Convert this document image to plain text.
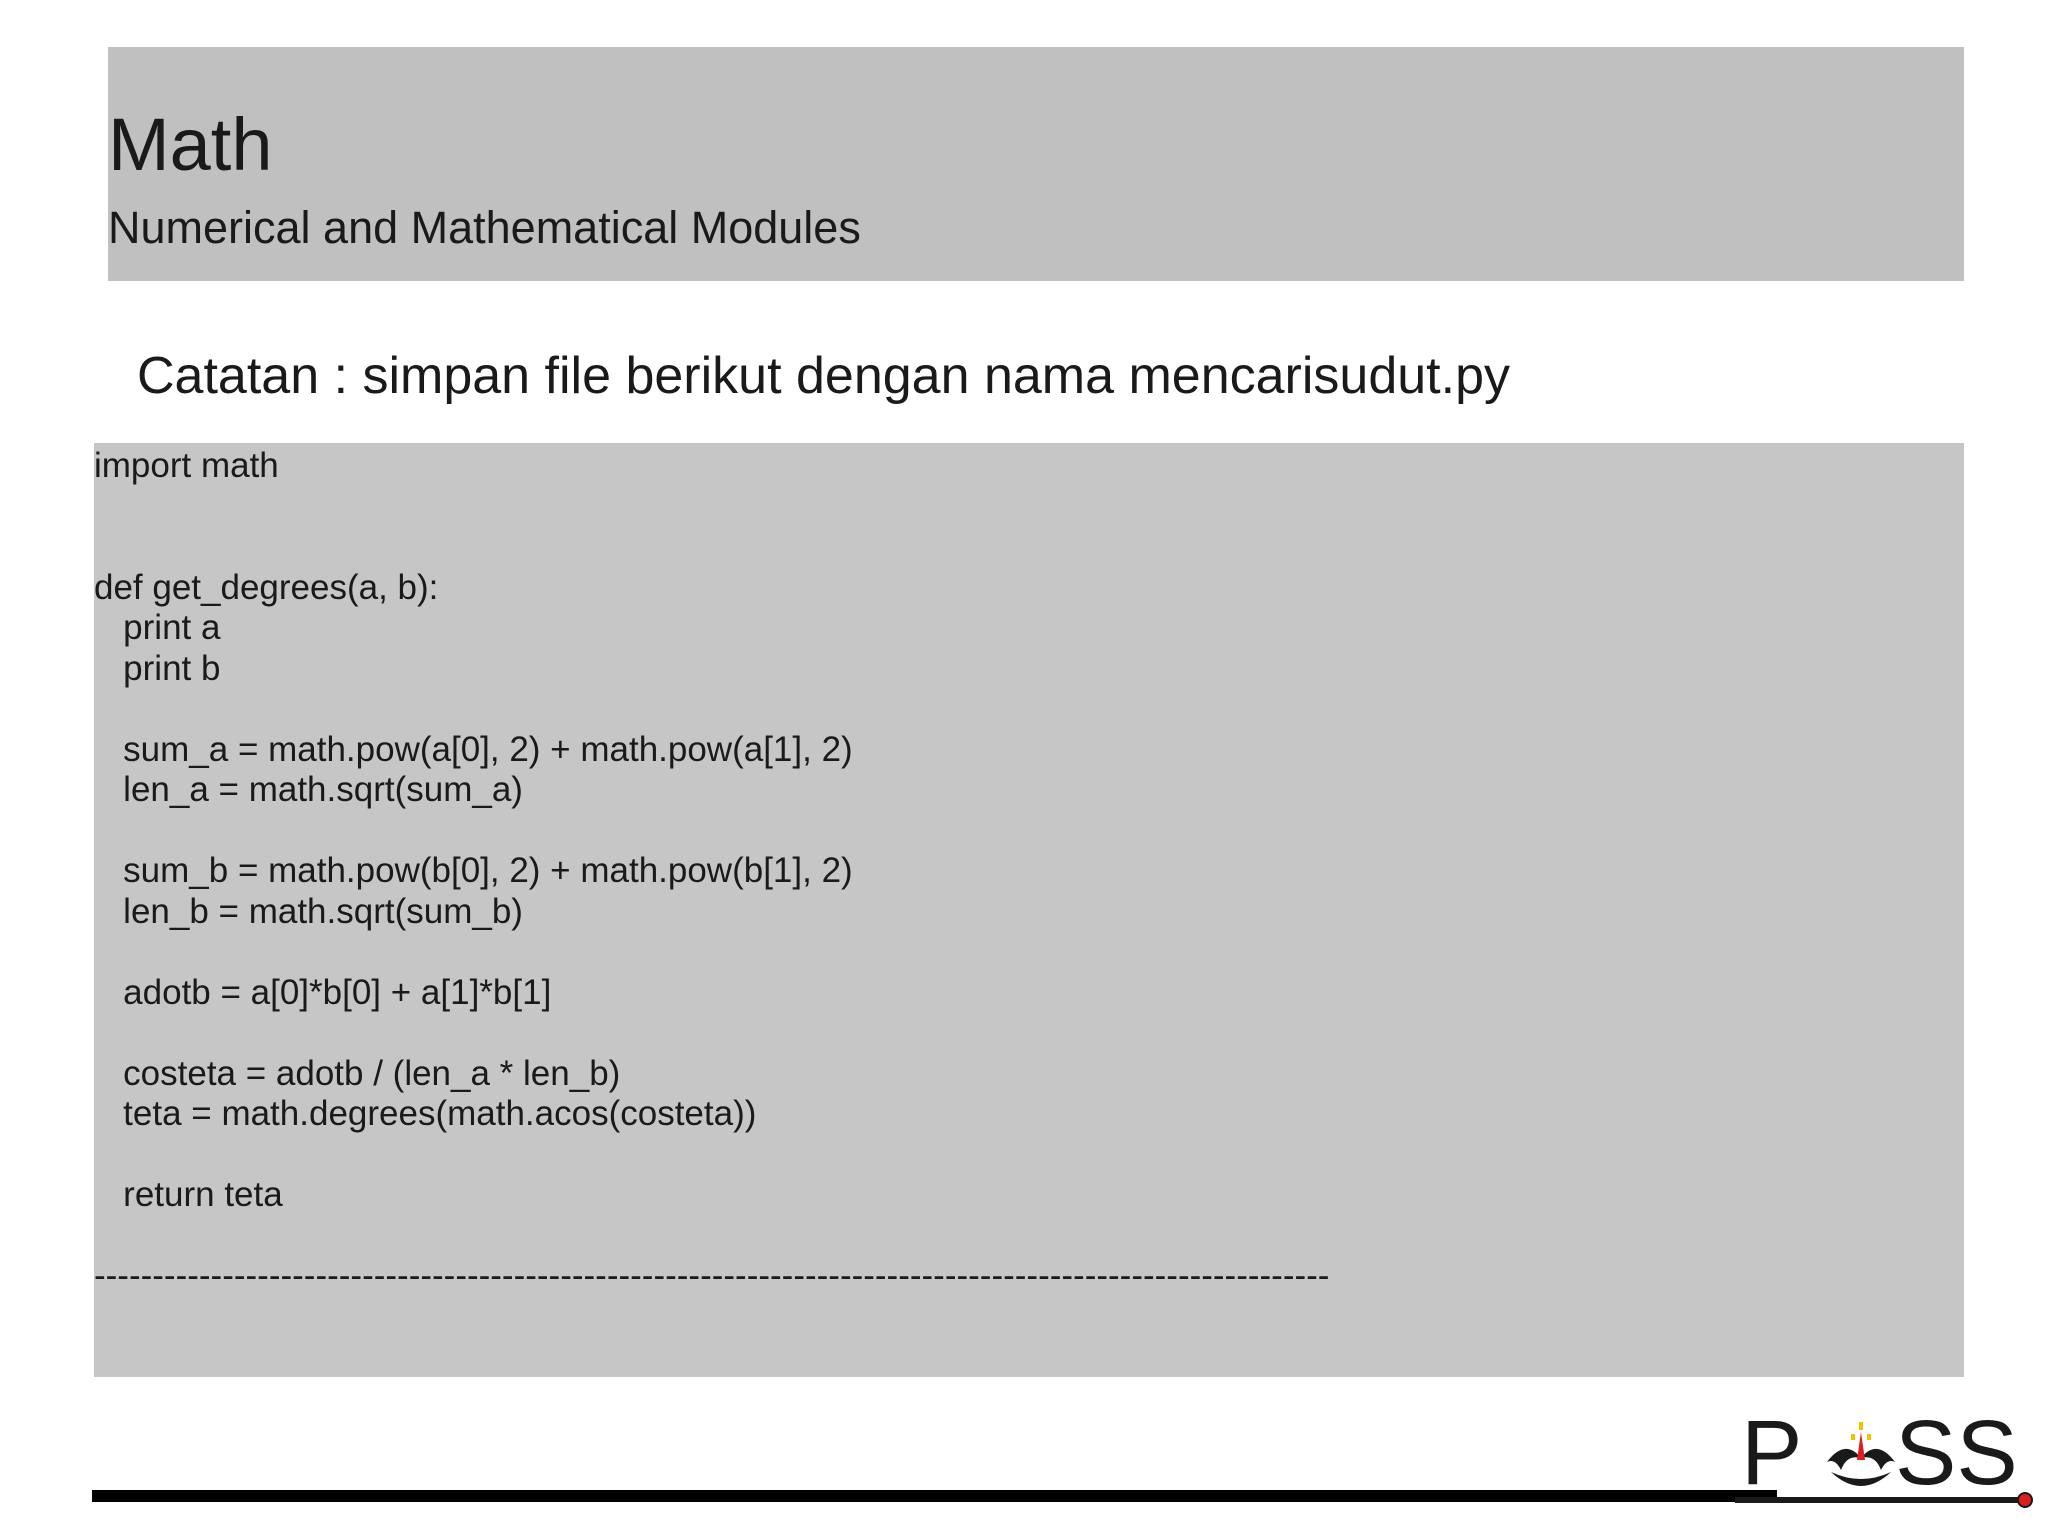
Math
Numerical and Mathematical Modules

Catatan : simpan file berikut dengan nama mencarisudut.py

import math

def get_degrees(a, b):
print a
print b

sum_a = math.pow(a[0], 2) + math.pow(a[1], 2)
len_a = math.sqrt(sum_a)

sum_b = math.pow(b[0], 2) + math.pow(b[1], 2)
len_b = math.sqrt(sum_b)

adotb = a[0]*b[0] + a[1]*b[1]

costeta = adotb / (len_a * len_b)
teta = math.degrees(math.acos(costeta))

return teta

----------------------------------------------------------------------------------------------------------
P SS
